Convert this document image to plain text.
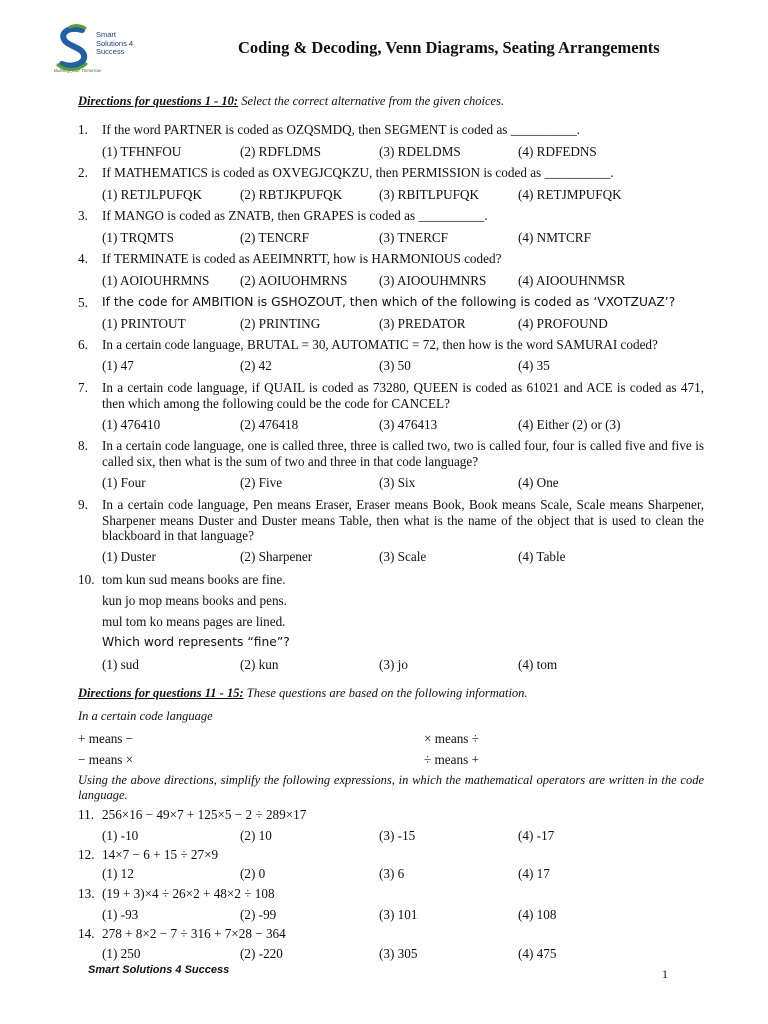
Smart
Solutions 4
Success
Building your Tomorrow
Coding & Decoding, Venn Diagrams, Seating Arrangements
Directions for questions 1 - 10: Select the correct alternative from the given choices.
1. If the word PARTNER is coded as OZQSMDQ, then SEGMENT is coded as __________.
(1) TFHNFOU	(2) RDFLDMS	(3) RDELDMS	(4) RDFEDNS
2. If MATHEMATICS is coded as OXVEGJCQKZU, then PERMISSION is coded as __________.
(1) RETJLPUFQK	(2) RBTJKPUFQK	(3) RBITLPUFQK	(4) RETJMPUFQK
3. If MANGO is coded as ZNATB, then GRAPES is coded as __________.
(1) TRQMTS	(2) TENCRF	(3) TNERCF	(4) NMTCRF
4. If TERMINATE is coded as AEEIMNRTT, how is HARMONIOUS coded?
(1) AOIOUHRMNS (2) AOIUOHMRNS (3) AIOOUHMNRS (4) AIOOUHNMSR
5. If the code for AMBITION is GSHOZOUT, then which of the following is coded as ‘VXOTZUAZ’?
(1) PRINTOUT	(2) PRINTING	(3) PREDATOR	(4) PROFOUND
6. In a certain code language, BRUTAL = 30, AUTOMATIC = 72, then how is the word SAMURAI coded?
(1) 47	(2) 42	(3) 50	(4) 35
7. In a certain code language, if QUAIL is coded as 73280, QUEEN is coded as 61021 and ACE is coded as 471, then which among the following could be the code for CANCEL?
(1) 476410	(2) 476418	(3) 476413	(4) Either (2) or (3)
8. In a certain code language, one is called three, three is called two, two is called four, four is called five and five is called six, then what is the sum of two and three in that code language?
(1) Four	(2) Five	(3) Six	(4) One
9. In a certain code language, Pen means Eraser, Eraser means Book, Book means Scale, Scale means Sharpener, Sharpener means Duster and Duster means Table, then what is the name of the object that is used to clean the blackboard in that language?
(1) Duster	(2) Sharpener	(3) Scale	(4) Table
10. tom kun sud means books are fine.
kun jo mop means books and pens.
mul tom ko means pages are lined.
Which word represents “fine”?
(1) sud	(2) kun	(3) jo	(4) tom
Directions for questions 11 - 15: These questions are based on the following information.
In a certain code language
+ means −	× means ÷
− means ×	÷ means +
Using the above directions, simplify the following expressions, in which the mathematical operators are written in the code language.
11. 256×16 − 49×7 + 125×5 − 2 ÷ 289×17
(1) -10	(2) 10	(3) -15	(4) -17
12. 14×7 − 6 + 15 ÷ 27×9
(1) 12	(2) 0	(3) 6	(4) 17
13. (19 + 3)×4 ÷ 26×2 + 48×2 ÷ 108
(1) -93	(2) -99	(3) 101	(4) 108
14. 278 + 8×2 − 7 ÷ 316 + 7×28 − 364
(1) 250	(2) -220	(3) 305	(4) 475
Smart Solutions 4 Success	1
